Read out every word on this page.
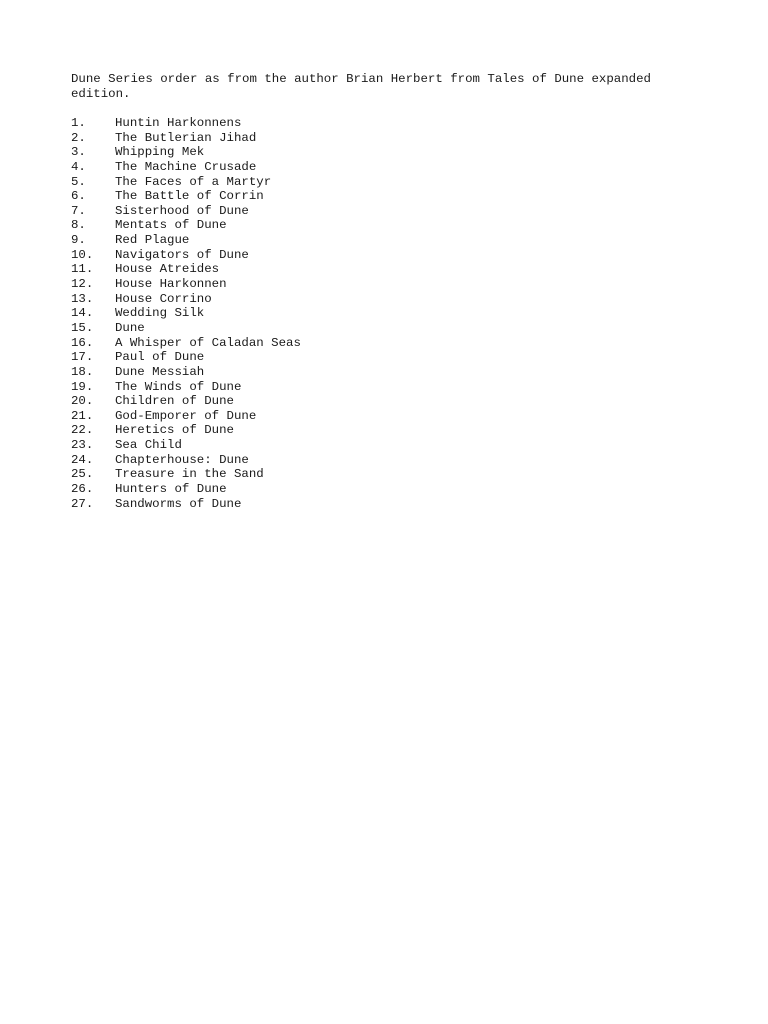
Dune Series order as from the author Brian Herbert from Tales of Dune expanded edition.

1.	Huntin Harkonnens
2.	The Butlerian Jihad
3.	Whipping Mek
4.	The Machine Crusade
5.	The Faces of a Martyr
6.	The Battle of Corrin
7.	Sisterhood of Dune
8.	Mentats of Dune
9.	Red Plague
10.	Navigators of Dune
11.	House Atreides
12.	House Harkonnen
13.	House Corrino
14.	Wedding Silk
15.	Dune
16.	A Whisper of Caladan Seas
17.	Paul of Dune
18.	Dune Messiah
19.	The Winds of Dune
20.	Children of Dune
21.	God-Emporer of Dune
22.	Heretics of Dune
23.	Sea Child
24.	Chapterhouse: Dune
25.	Treasure in the Sand
26.	Hunters of Dune
27.	Sandworms of Dune
